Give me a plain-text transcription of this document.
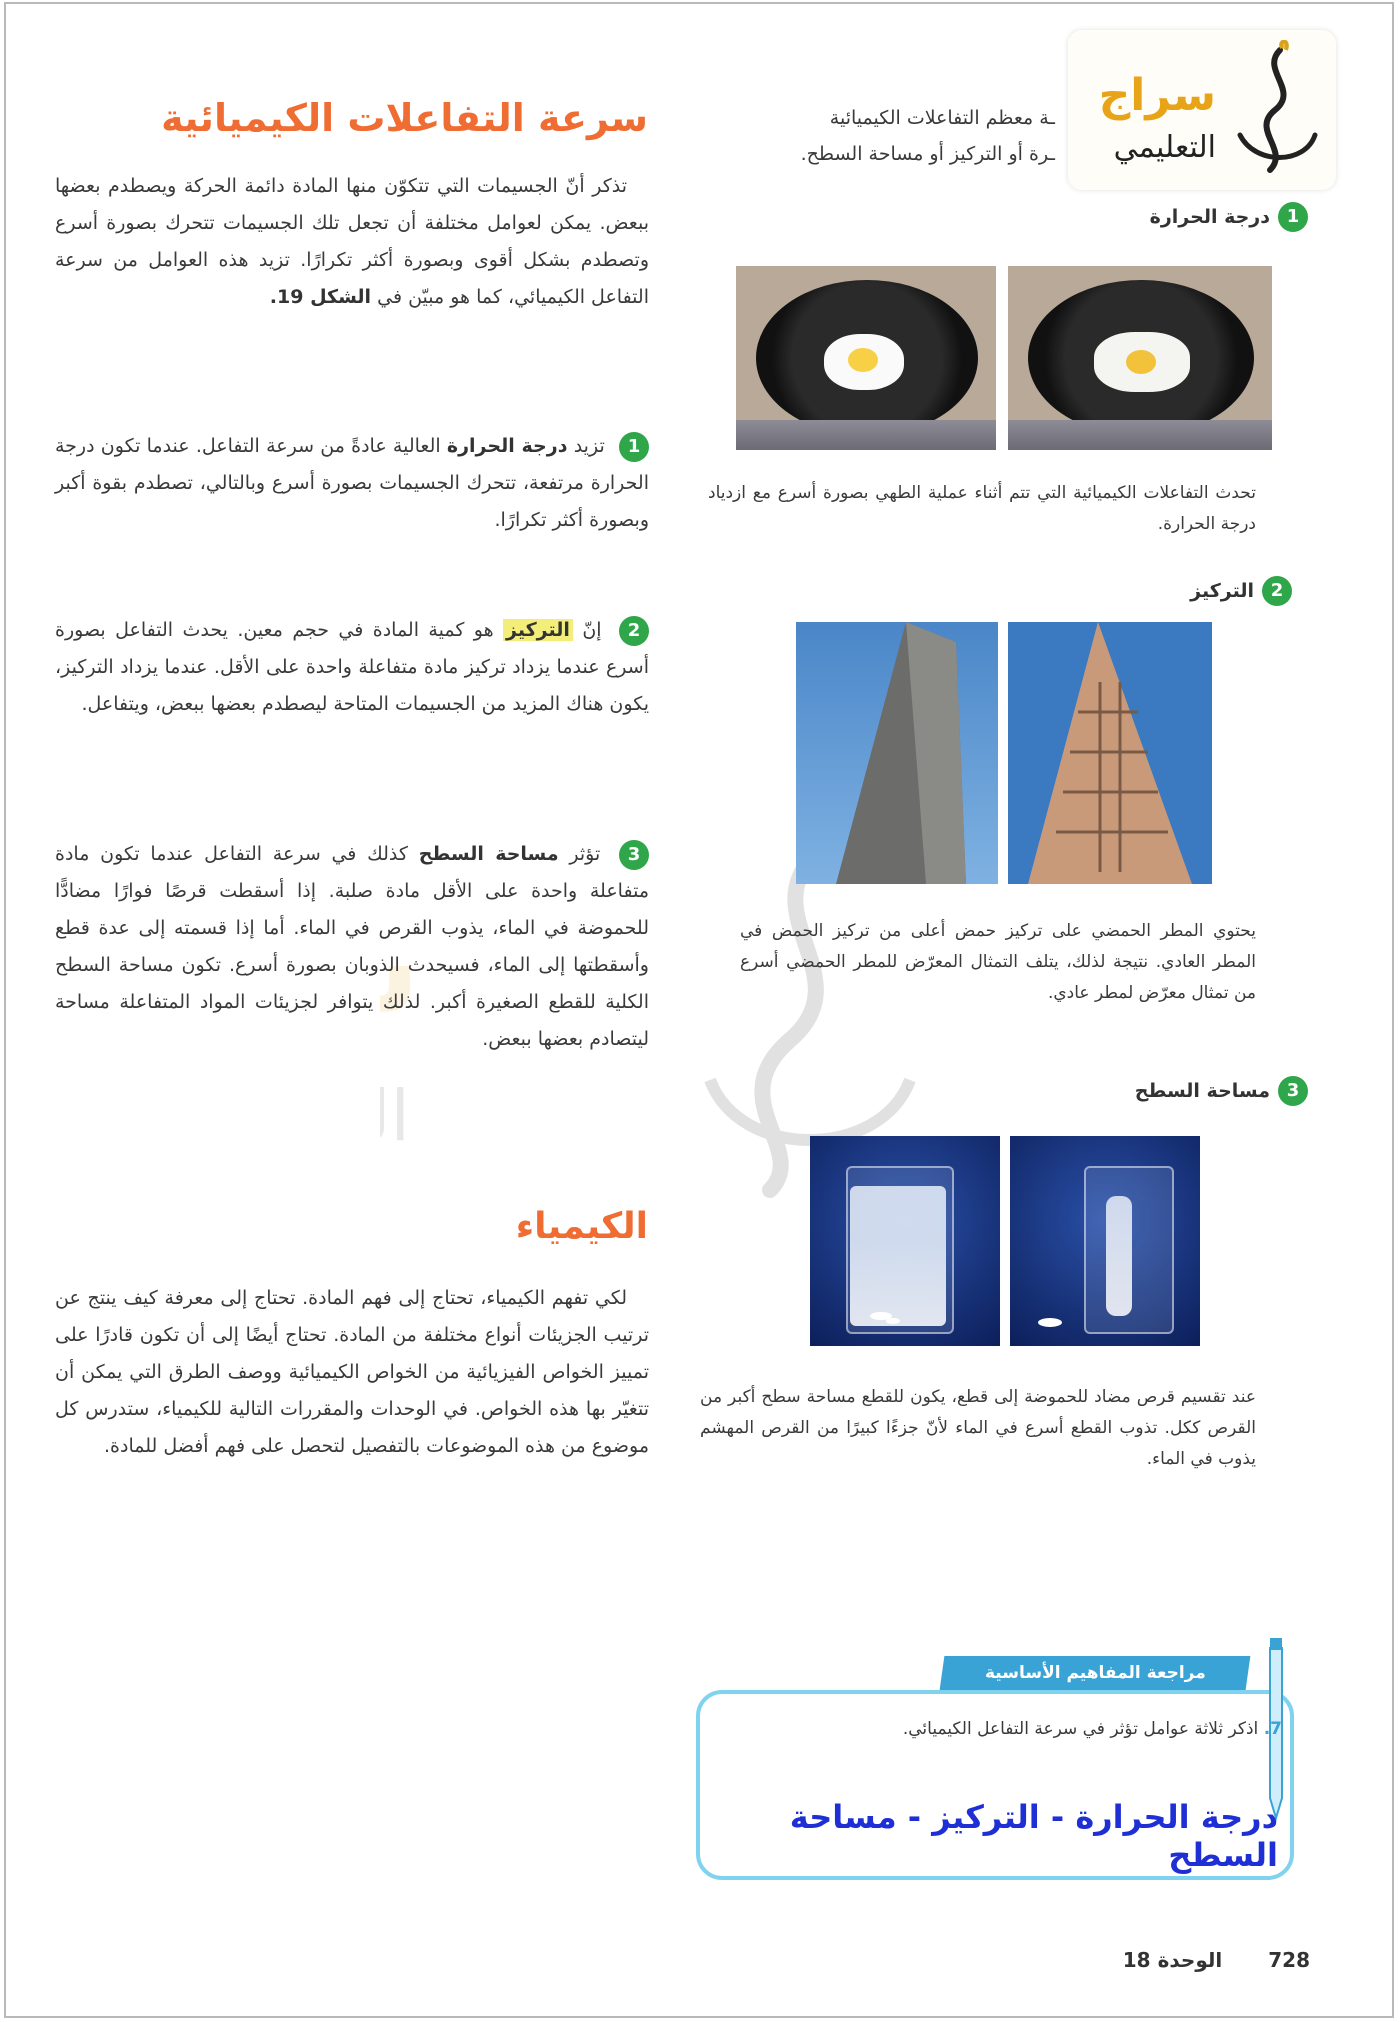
سراج
التعليمي
ا
سرعة التفاعلات الكيميائية
تذكر أنّ الجسيمات التي تتكوّن منها المادة دائمة الحركة ويصطدم بعضها ببعض. يمكن لعوامل مختلفة أن تجعل تلك الجسيمات تتحرك بصورة أسرع وتصطدم بشكل أقوى وبصورة أكثر تكرارًا. تزيد هذه العوامل من سرعة التفاعل الكيميائي، كما هو مبيّن في الشكل 19.
1 تزيد درجة الحرارة العالية عادةً من سرعة التفاعل. عندما تكون درجة الحرارة مرتفعة، تتحرك الجسيمات بصورة أسرع وبالتالي، تصطدم بقوة أكبر وبصورة أكثر تكرارًا.
2 إنّ التركيز هو كمية المادة في حجم معين. يحدث التفاعل بصورة أسرع عندما يزداد تركيز مادة متفاعلة واحدة على الأقل. عندما يزداد التركيز، يكون هناك المزيد من الجسيمات المتاحة ليصطدم بعضها ببعض، ويتفاعل.
3 تؤثر مساحة السطح كذلك في سرعة التفاعل عندما تكون مادة متفاعلة واحدة على الأقل مادة صلبة. إذا أسقطت قرصًا فوارًا مضادًّا للحموضة في الماء، يذوب القرص في الماء. أما إذا قسمته إلى عدة قطع وأسقطتها إلى الماء، فسيحدث الذوبان بصورة أسرع. تكون مساحة السطح الكلية للقطع الصغيرة أكبر. لذلك يتوافر لجزيئات المواد المتفاعلة مساحة ليتصادم بعضها ببعض.
الكيمياء
لكي تفهم الكيمياء، تحتاج إلى فهم المادة. تحتاج إلى معرفة كيف ينتج عن ترتيب الجزيئات أنواع مختلفة من المادة. تحتاج أيضًا إلى أن تكون قادرًا على تمييز الخواص الفيزيائية من الخواص الكيميائية ووصف الطرق التي يمكن أن تتغيّر بها هذه الخواص. في الوحدات والمقررات التالية للكيمياء، ستدرس كل موضوع من هذه الموضوعات بالتفصيل لتحصل على فهم أفضل للمادة.
ـة معظم التفاعلات الكيميائية
ـرة أو التركيز أو مساحة السطح.
1
درجة الحرارة
تحدث التفاعلات الكيميائية التي تتم أثناء عملية الطهي بصورة أسرع مع ازدياد درجة الحرارة.
2
التركيز
يحتوي المطر الحمضي على تركيز حمض أعلى من تركيز الحمض في المطر العادي. نتيجة لذلك، يتلف التمثال المعرّض للمطر الحمضي أسرع من تمثال معرّض لمطر عادي.
3
مساحة السطح
عند تقسيم قرص مضاد للحموضة إلى قطع، يكون للقطع مساحة سطح أكبر من القرص ككل. تذوب القطع أسرع في الماء لأنّ جزءًا كبيرًا من القرص المهشم يذوب في الماء.
مراجعة المفاهيم الأساسية
7. اذكر ثلاثة عوامل تؤثر في سرعة التفاعل الكيميائي.
درجة الحرارة - التركيز - مساحة السطح
الوحدة 18 728
